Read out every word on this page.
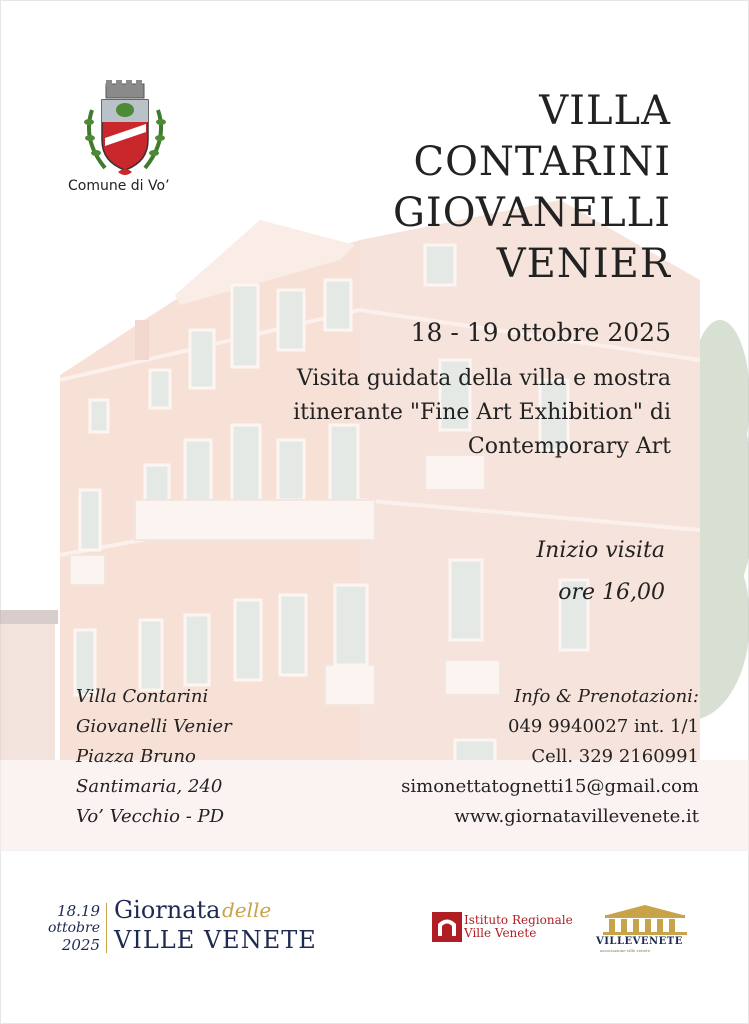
Comune di Vo’
VILLA
CONTARINI
GIOVANELLI
VENIER
18 - 19 ottobre 2025
Visita guidata della villa e mostra
itinerante "Fine Art Exhibition" di
Contemporary Art
Inizio visita
ore 16,00
Villa Contarini
Giovanelli Venier
Piazza Bruno
Santimaria, 240
Vo’ Vecchio - PD
Info & Prenotazioni:
049 9940027 int. 1/1
Cell. 329 2160991
simonettatognetti15@gmail.com
www.giornatavillevenete.it
18.19
ottobre
2025
Giornata delle
VILLE VENETE
Istituto Regionale
Ville Venete
VILLEVENETE
associazione ville venete
